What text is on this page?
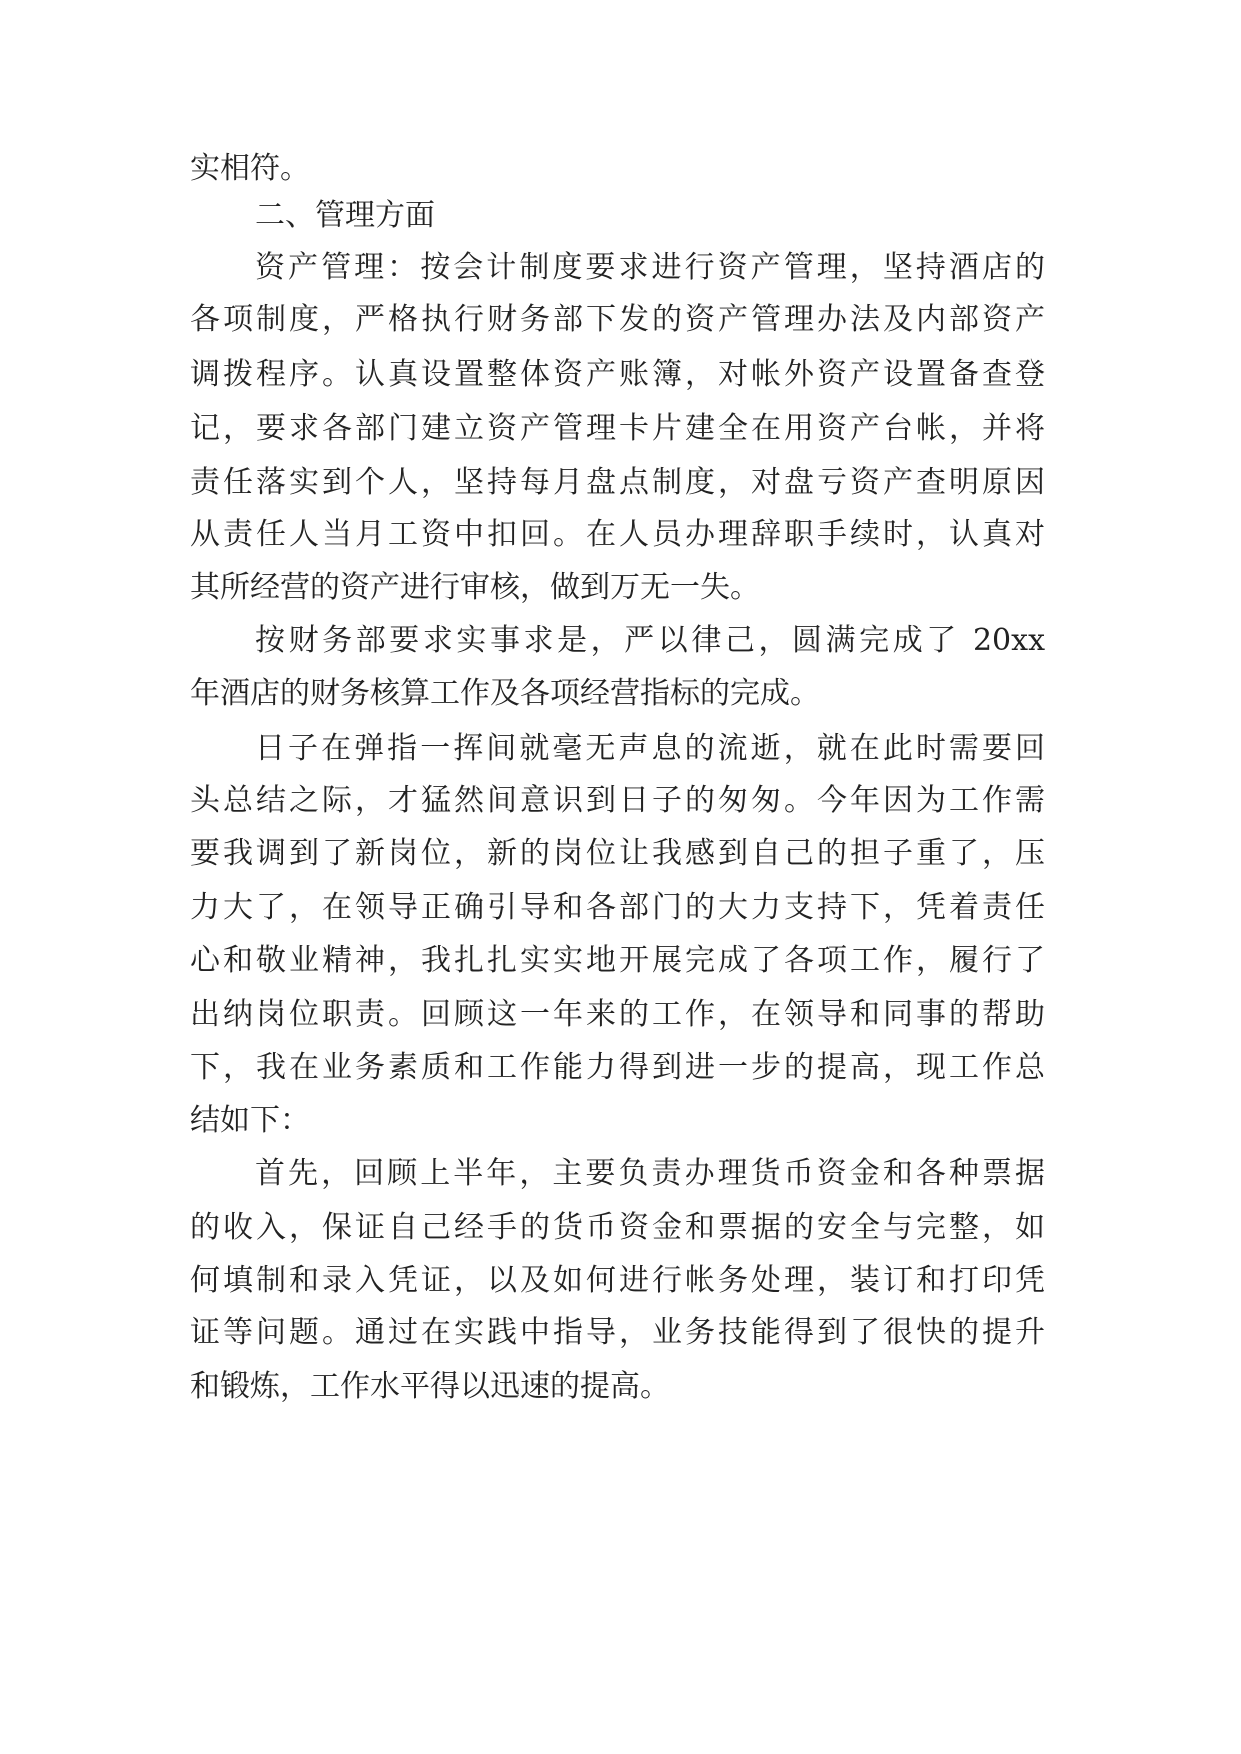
实相符。
二、管理方面
资产管理：按会计制度要求进行资产管理，坚持酒店的
各项制度，严格执行财务部下发的资产管理办法及内部资产
调拨程序。认真设置整体资产账簿，对帐外资产设置备查登
记，要求各部门建立资产管理卡片建全在用资产台帐，并将
责任落实到个人，坚持每月盘点制度，对盘亏资产查明原因
从责任人当月工资中扣回。在人员办理辞职手续时，认真对
其所经营的资产进行审核，做到万无一失。
按财务部要求实事求是，严以律己，圆满完成了 20xx
年酒店的财务核算工作及各项经营指标的完成。
日子在弹指一挥间就毫无声息的流逝，就在此时需要回
头总结之际，才猛然间意识到日子的匆匆。今年因为工作需
要我调到了新岗位，新的岗位让我感到自己的担子重了，压
力大了，在领导正确引导和各部门的大力支持下，凭着责任
心和敬业精神，我扎扎实实地开展完成了各项工作，履行了
出纳岗位职责。回顾这一年来的工作，在领导和同事的帮助
下，我在业务素质和工作能力得到进一步的提高，现工作总
结如下：
首先，回顾上半年，主要负责办理货币资金和各种票据
的收入，保证自己经手的货币资金和票据的安全与完整，如
何填制和录入凭证，以及如何进行帐务处理，装订和打印凭
证等问题。通过在实践中指导，业务技能得到了很快的提升
和锻炼，工作水平得以迅速的提高。
